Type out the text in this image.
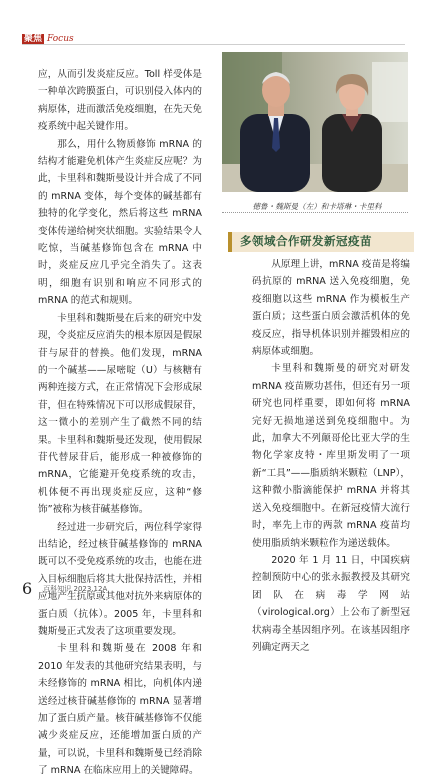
聚焦 Focus

应，从而引发炎症反应。Toll 样受体是一种单次跨膜蛋白，可识别侵入体内的病原体，进而激活免疫细胞，在先天免疫系统中起关键作用。

那么，用什么物质修饰 mRNA 的结构才能避免机体产生炎症反应呢？为此，卡里科和魏斯曼设计并合成了不同的 mRNA 变体，每个变体的碱基都有独特的化学变化，然后将这些 mRNA 变体传递给树突状细胞。实验结果令人吃惊，当碱基修饰包含在 mRNA 中时，炎症反应几乎完全消失了。这表明，细胞有识别和响应不同形式的 mRNA 的范式和规则。

卡里科和魏斯曼在后来的研究中发现，令炎症反应消失的根本原因是假尿苷与尿苷的替换。他们发现，mRNA 的一个碱基——尿嘧啶（U）与核糖有两种连接方式，在正常情况下会形成尿苷，但在特殊情况下可以形成假尿苷，这一微小的差别产生了截然不同的结果。卡里科和魏斯曼还发现，使用假尿苷代替尿苷后，能形成一种被修饰的 mRNA，它能避开免疫系统的攻击，机体便不再出现炎症反应，这种“修饰”被称为核苷碱基修饰。

经过进一步研究后，两位科学家得出结论，经过核苷碱基修饰的 mRNA 既可以不受免疫系统的攻击，也能在进入目标细胞后将其大批保持活性，并相应地产生抗原或其他对抗外来病原体的蛋白质（抗体）。2005 年，卡里科和魏斯曼正式发表了这项重要发现。

卡里科和魏斯曼在 2008 年和 2010 年发表的其他研究结果表明，与未经修饰的 mRNA 相比，向机体内递送经过核苷碱基修饰的 mRNA 显著增加了蛋白质产量。核苷碱基修饰不仅能减少炎症反应，还能增加蛋白质的产量，可以说，卡里科和魏斯曼已经消除了 mRNA 在临床应用上的关键障碍。

德鲁・魏斯曼（左）和卡塔琳・卡里科
多领域合作研发新冠疫苗

从原理上讲，mRNA 疫苗是将编码抗原的 mRNA 送入免疫细胞，免疫细胞以这些 mRNA 作为模板生产蛋白质；这些蛋白质会激活机体的免疫反应，指导机体识别并摧毁相应的病原体或细胞。

卡里科和魏斯曼的研究对研发 mRNA 疫苗厥功甚伟，但还有另一项研究也同样重要，即如何将 mRNA 完好无损地递送到免疫细胞中。为此，加拿大不列颠哥伦比亚大学的生物化学家皮特・库里斯发明了一项新“工具”——脂质纳米颗粒（LNP），这种微小脂滴能保护 mRNA 并将其送入免疫细胞中。在新冠疫情大流行时，率先上市的两款 mRNA 疫苗均使用脂质纳米颗粒作为递送载体。

2020 年 1 月 11 日，中国疾病控制预防中心的张永振教授及其研究团队在病毒学网站（virological.org）上公布了新型冠状病毒全基因组序列。在该基因组序列确定两天之

6 百科知识 2023.12A
